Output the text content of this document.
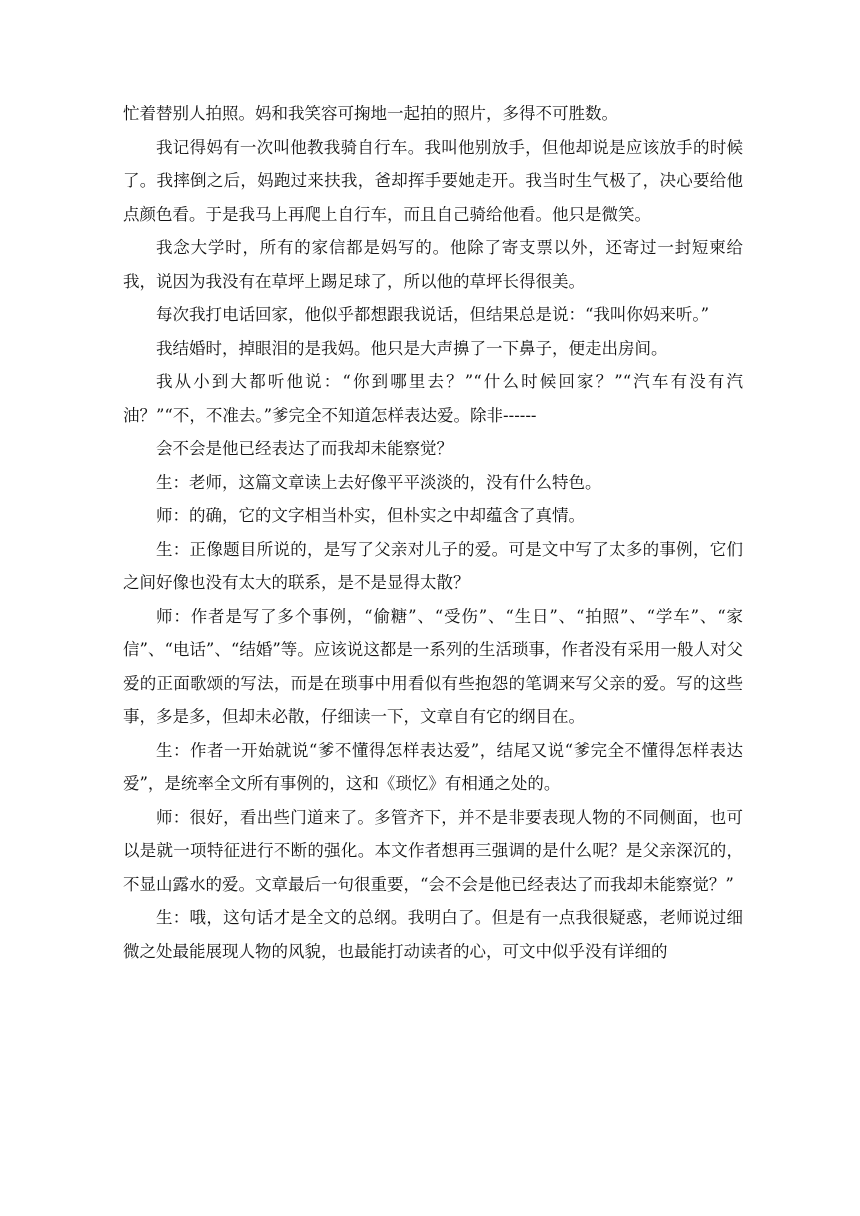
忙着替别人拍照。妈和我笑容可掬地一起拍的照片，多得不可胜数。

我记得妈有一次叫他教我骑自行车。我叫他别放手，但他却说是应该放手的时候了。我摔倒之后，妈跑过来扶我，爸却挥手要她走开。我当时生气极了，决心要给他点颜色看。于是我马上再爬上自行车，而且自己骑给他看。他只是微笑。

我念大学时，所有的家信都是妈写的。他除了寄支票以外，还寄过一封短柬给我，说因为我没有在草坪上踢足球了，所以他的草坪长得很美。

每次我打电话回家，他似乎都想跟我说话，但结果总是说：“我叫你妈来听。”

我结婚时，掉眼泪的是我妈。他只是大声擤了一下鼻子，便走出房间。

我从小到大都听他说：“你到哪里去？”“什么时候回家？”“汽车有没有汽油？”“不，不准去。”爹完全不知道怎样表达爱。除非------

会不会是他已经表达了而我却未能察觉？

生：老师，这篇文章读上去好像平平淡淡的，没有什么特色。

师：的确，它的文字相当朴实，但朴实之中却蕴含了真情。

生：正像题目所说的，是写了父亲对儿子的爱。可是文中写了太多的事例，它们之间好像也没有太大的联系，是不是显得太散？

师：作者是写了多个事例，“偷糖”、“受伤”、“生日”、“拍照”、“学车”、“家信”、“电话”、“结婚”等。应该说这都是一系列的生活琐事，作者没有采用一般人对父爱的正面歌颂的写法，而是在琐事中用看似有些抱怨的笔调来写父亲的爱。写的这些事，多是多，但却未必散，仔细读一下，文章自有它的纲目在。

生：作者一开始就说“爹不懂得怎样表达爱”，结尾又说“爹完全不懂得怎样表达爱”，是统率全文所有事例的，这和《琐忆》有相通之处的。

师：很好，看出些门道来了。多管齐下，并不是非要表现人物的不同侧面，也可以是就一项特征进行不断的强化。本文作者想再三强调的是什么呢？是父亲深沉的，不显山露水的爱。文章最后一句很重要，“会不会是他已经表达了而我却未能察觉？”

生：哦，这句话才是全文的总纲。我明白了。但是有一点我很疑惑，老师说过细微之处最能展现人物的风貌，也最能打动读者的心，可文中似乎没有详细的
